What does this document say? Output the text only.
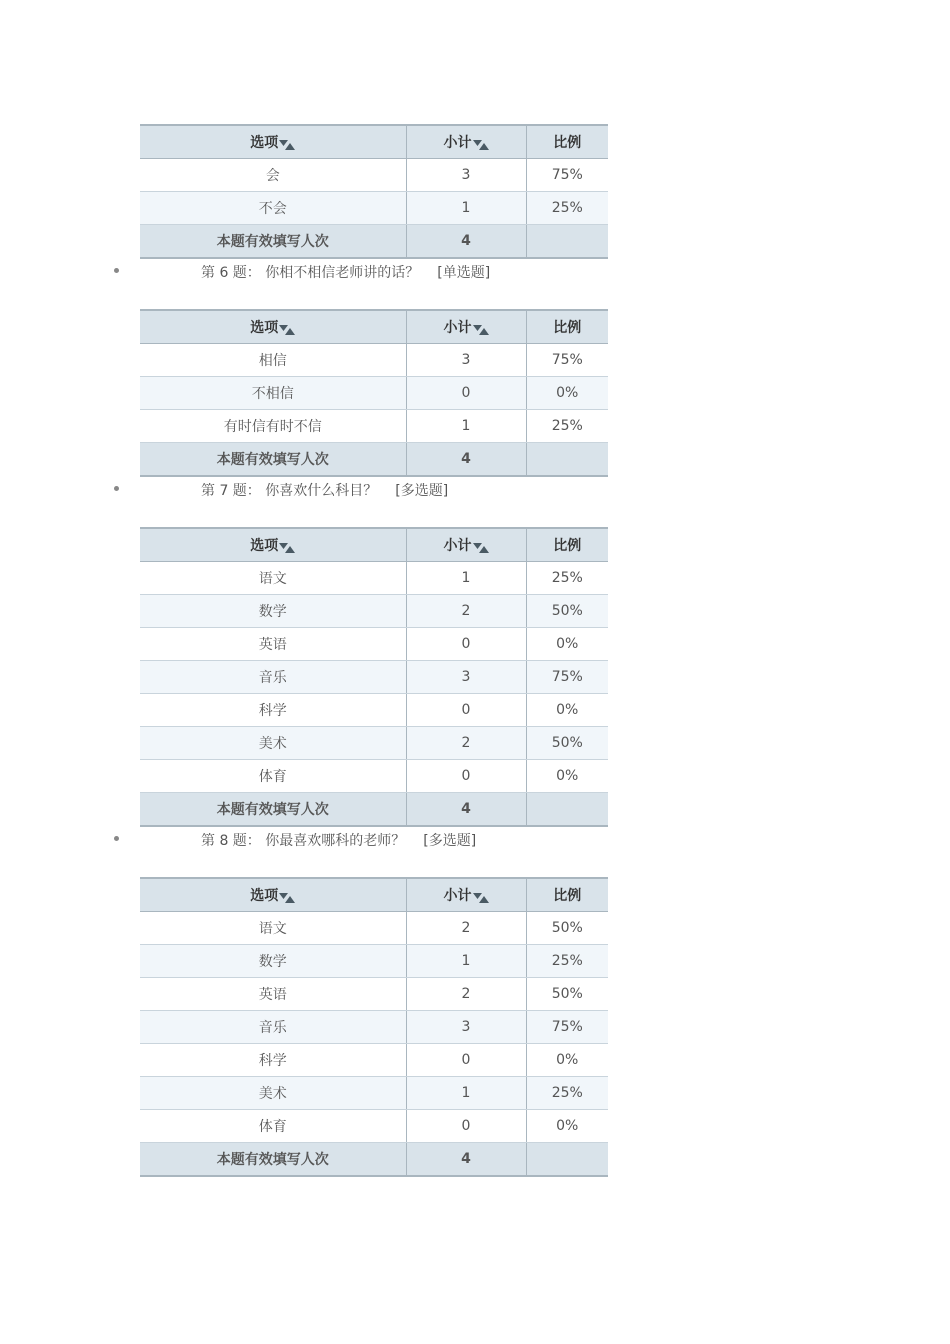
选项	小计	比例
会	3	75%
不会	1	25%
本题有效填写人次	4	
第 6 题： 你相不相信老师讲的话？ [单选题]
选项	小计	比例
相信	3	75%
不相信	0	0%
有时信有时不信	1	25%
本题有效填写人次	4	
第 7 题： 你喜欢什么科目？ [多选题]
选项	小计	比例
语文	1	25%
数学	2	50%
英语	0	0%
音乐	3	75%
科学	0	0%
美术	2	50%
体育	0	0%
本题有效填写人次	4	
第 8 题： 你最喜欢哪科的老师？ [多选题]
选项	小计	比例
语文	2	50%
数学	1	25%
英语	2	50%
音乐	3	75%
科学	0	0%
美术	1	25%
体育	0	0%
本题有效填写人次	4	
